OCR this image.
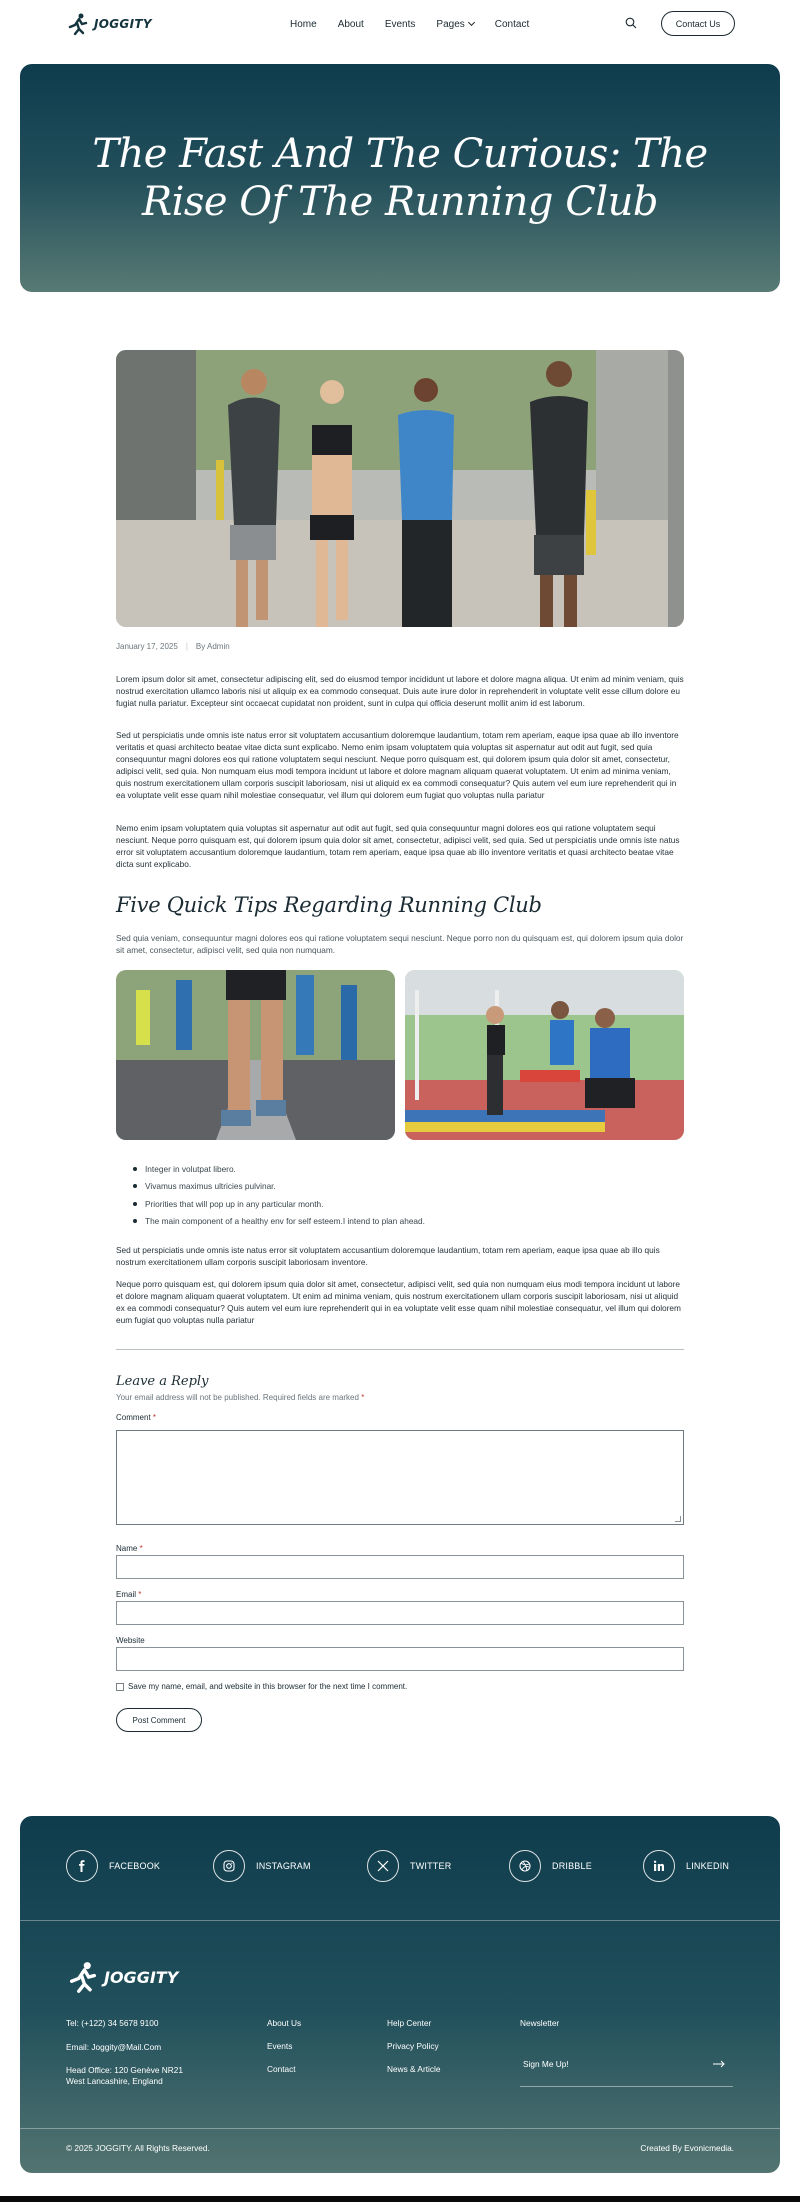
JOGGITY	Home About Events Pages	Contact	Contact Us
The Fast And The Curious: The Rise Of The Running Club
January 17, 2025 | By Admin

Lorem ipsum dolor sit amet, consectetur adipiscing elit, sed do eiusmod tempor incididunt ut labore et dolore magna aliqua. Ut enim ad minim veniam, quis nostrud exercitation ullamco laboris nisi ut aliquip ex ea commodo consequat. Duis aute irure dolor in reprehenderit in voluptate velit esse cillum dolore eu fugiat nulla pariatur. Excepteur sint occaecat cupidatat non proident, sunt in culpa qui officia deserunt mollit anim id est laborum.

Sed ut perspiciatis unde omnis iste natus error sit voluptatem accusantium doloremque laudantium, totam rem aperiam, eaque ipsa quae ab illo inventore veritatis et quasi architecto beatae vitae dicta sunt explicabo. Nemo enim ipsam voluptatem quia voluptas sit aspernatur aut odit aut fugit, sed quia consequuntur magni dolores eos qui ratione voluptatem sequi nesciunt. Neque porro quisquam est, qui dolorem ipsum quia dolor sit amet, consectetur, adipisci velit, sed quia. Non numquam eius modi tempora incidunt ut labore et dolore magnam aliquam quaerat voluptatem. Ut enim ad minima veniam, quis nostrum exercitationem ullam corporis suscipit laboriosam, nisi ut aliquid ex ea commodi consequatur? Quis autem vel eum iure reprehenderit qui in ea voluptate velit esse quam nihil molestiae consequatur, vel illum qui dolorem eum fugiat quo voluptas nulla pariatur

Nemo enim ipsam voluptatem quia voluptas sit aspernatur aut odit aut fugit, sed quia consequuntur magni dolores eos qui ratione voluptatem sequi nesciunt. Neque porro quisquam est, qui dolorem ipsum quia dolor sit amet, consectetur, adipisci velit, sed quia. Sed ut perspiciatis unde omnis iste natus error sit voluptatem accusantium doloremque laudantium, totam rem aperiam, eaque ipsa quae ab illo inventore veritatis et quasi architecto beatae vitae dicta sunt explicabo.

Five Quick Tips Regarding Running Club

Sed quia veniam, consequuntur magni dolores eos qui ratione voluptatem sequi nesciunt. Neque porro non du quisquam est, qui dolorem ipsum quia dolor sit amet, consectetur, adipisci velit, sed quia non numquam.

Integer in volutpat libero.
Vivamus maximus ultricies pulvinar.
Priorities that will pop up in any particular month.
The main component of a healthy env for self esteem.I intend to plan ahead.

Sed ut perspiciatis unde omnis iste natus error sit voluptatem accusantium doloremque laudantium, totam rem aperiam, eaque ipsa quae ab illo quis nostrum exercitationem ullam corporis suscipit laboriosam inventore.

Neque porro quisquam est, qui dolorem ipsum quia dolor sit amet, consectetur, adipisci velit, sed quia non numquam eius modi tempora incidunt ut labore et dolore magnam aliquam quaerat voluptatem. Ut enim ad minima veniam, quis nostrum exercitationem ullam corporis suscipit laboriosam, nisi ut aliquid ex ea commodi consequatur? Quis autem vel eum iure reprehenderit qui in ea voluptate velit esse quam nihil molestiae consequatur, vel illum qui dolorem eum fugiat quo voluptas nulla pariatur

Leave a Reply
Your email address will not be published. Required fields are marked *
Comment *
Name *
Email *
Website
Save my name, email, and website in this browser for the next time I comment.
Post Comment
FACEBOOK	INSTAGRAM	TWITTER	DRIBBLE	LINKEDIN
JOGGITY
Tel: (+122) 34 5678 9100
Email: Joggity@Mail.Com
Head Office: 120 Genève NR21
West Lancashire, England
About Us
Events
Contact
Help Center
Privacy Policy
News & Article
Newsletter
Sign Me Up!
© 2025 JOGGITY. All Rights Reserved.	Created By Evonicmedia.
